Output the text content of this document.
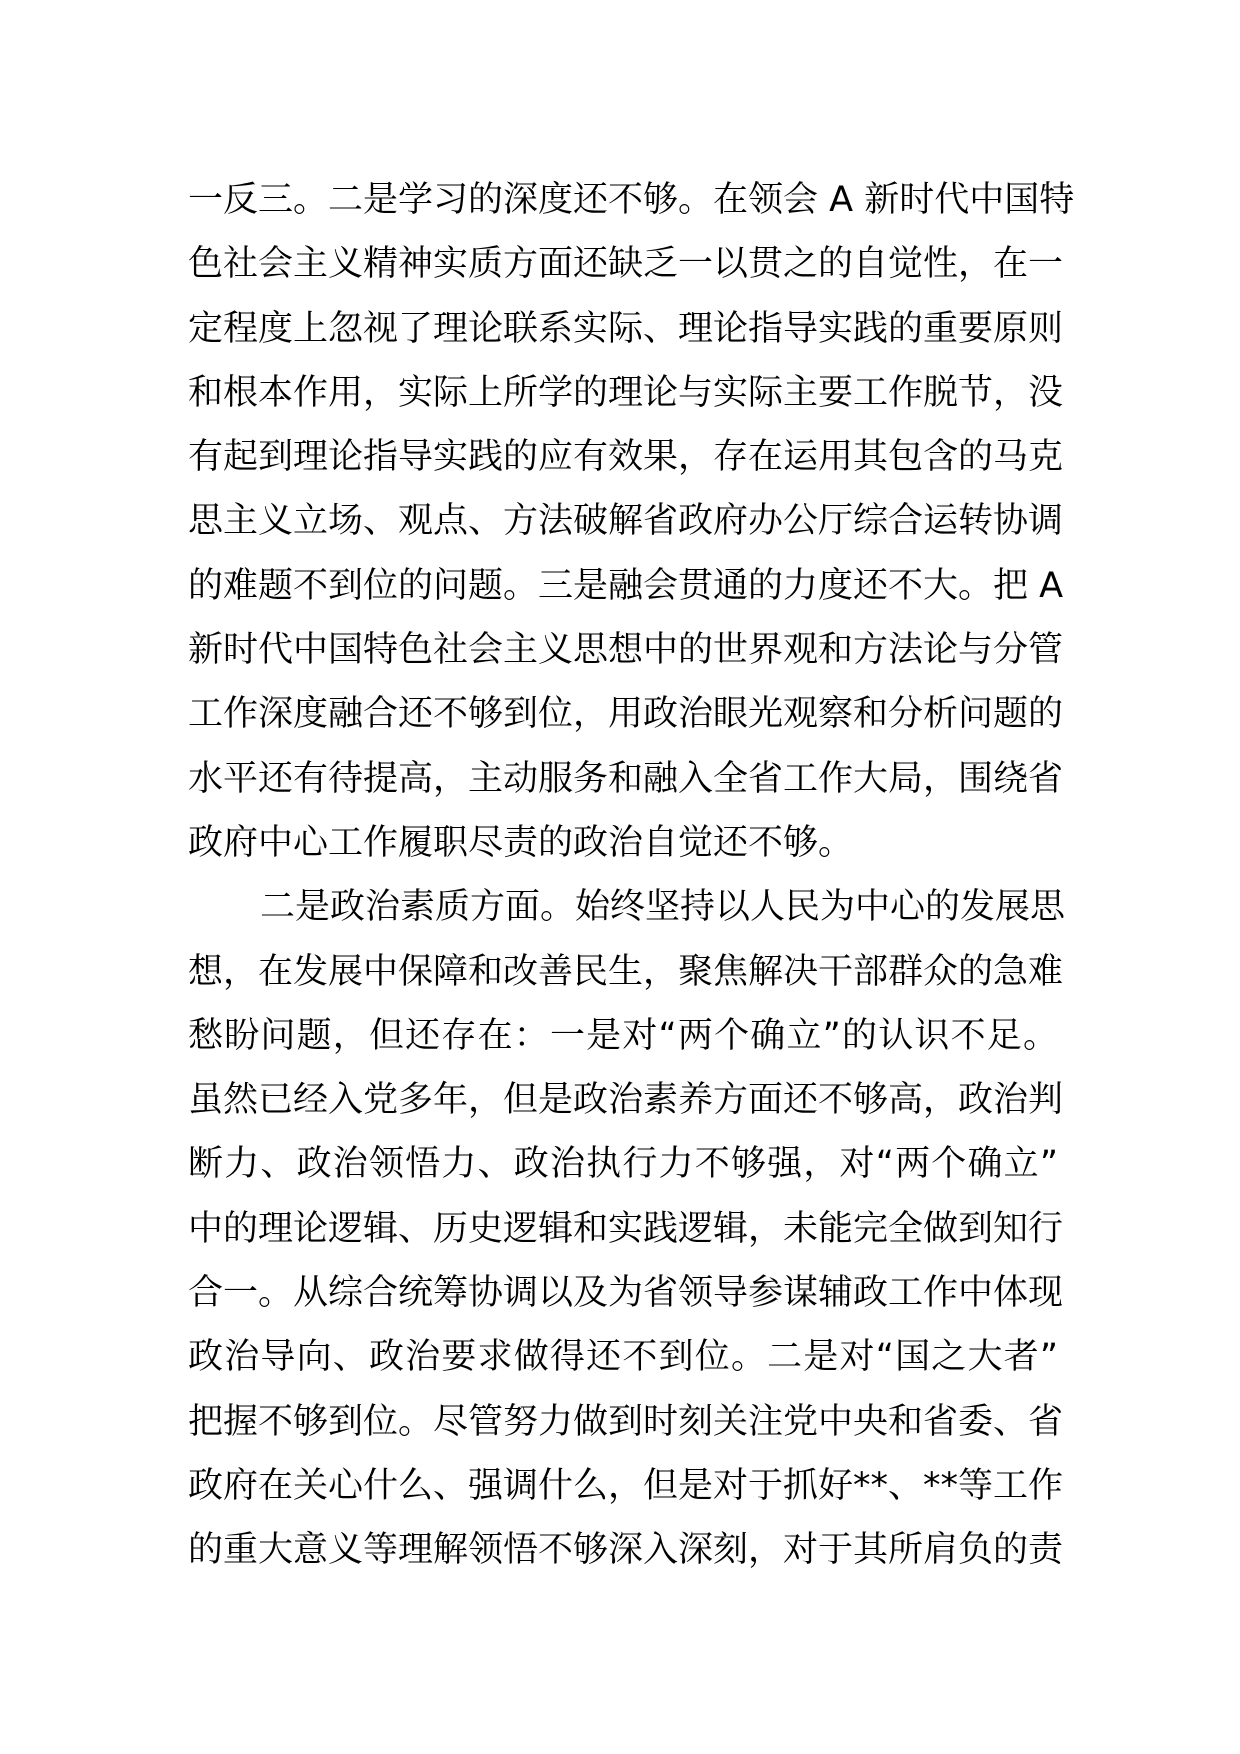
一反三。二是学习的深度还不够。在领会 A 新时代中国特
色社会主义精神实质方面还缺乏一以贯之的自觉性，在一
定程度上忽视了理论联系实际、理论指导实践的重要原则
和根本作用，实际上所学的理论与实际主要工作脱节，没
有起到理论指导实践的应有效果，存在运用其包含的马克
思主义立场、观点、方法破解省政府办公厅综合运转协调
的难题不到位的问题。三是融会贯通的力度还不大。把 A
新时代中国特色社会主义思想中的世界观和方法论与分管
工作深度融合还不够到位，用政治眼光观察和分析问题的
水平还有待提高，主动服务和融入全省工作大局，围绕省
政府中心工作履职尽责的政治自觉还不够。
二是政治素质方面。始终坚持以人民为中心的发展思
想，在发展中保障和改善民生，聚焦解决干部群众的急难
愁盼问题，但还存在：一是对“两个确立”的认识不足。
虽然已经入党多年，但是政治素养方面还不够高，政治判
断力、政治领悟力、政治执行力不够强，对“两个确立”
中的理论逻辑、历史逻辑和实践逻辑，未能完全做到知行
合一。从综合统筹协调以及为省领导参谋辅政工作中体现
政治导向、政治要求做得还不到位。二是对“国之大者”
把握不够到位。尽管努力做到时刻关注党中央和省委、省
政府在关心什么、强调什么，但是对于抓好**、**等工作
的重大意义等理解领悟不够深入深刻，对于其所肩负的责
